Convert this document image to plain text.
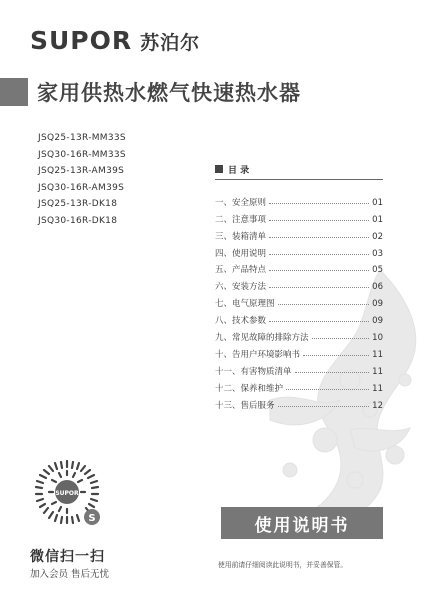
SUPOR 苏泊尔
家用供热水燃气快速热水器
JSQ25-13R-MM33S
JSQ30-16R-MM33S
JSQ25-13R-AM39S
JSQ30-16R-AM39S
JSQ25-13R-DK18
JSQ30-16R-DK18
目 录
一、安全原则	01
二、注意事项	01
三、装箱清单	02
四、使用说明	03
五、产品特点	05
六、安装方法	06
七、电气原理图	09
八、技术参数	09
九、常见故障的排除方法	10
十、告用户环境影响书	11
十一、有害物质清单	11
十二、保养和维护	11
十三、售后服务	12
SUPOR
S
微信扫一扫
加入会员 售后无忧
使用说明书
使用前请仔细阅读此说明书，并妥善保管。
